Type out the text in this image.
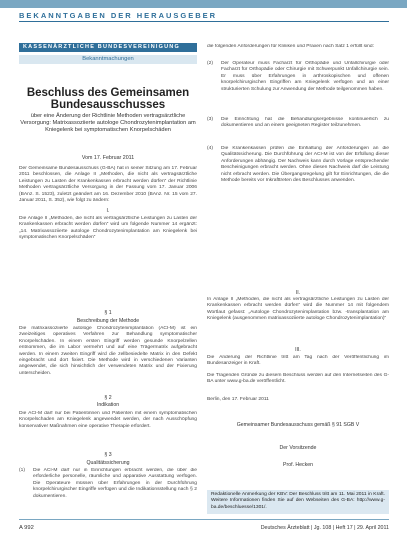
BEKANNTGABEN DER HERAUSGEBER
KASSENÄRZTLICHE BUNDESVEREINIGUNG
Bekanntmachungen
Beschluss des Gemeinsamen Bundesausschusses
über eine Änderung der Richtlinie Methoden vertragsärztliche Versorgung: Matrixassoziierte autologe Chondrozytenimplantation am Kniegelenk bei symptomatischen Knorpelschäden
Vom 17. Februar 2011
Der Gemeinsame Bundesausschuss (G-BA) hat in seiner Sitzung am 17. Februar 2011 beschlossen, die Anlage II „Methoden, die nicht als vertragsärztliche Leistungen zu Lasten der Krankenkassen erbracht werden dürfen“ der Richtlinie Methoden vertragsärztliche Versorgung in der Fassung vom 17. Januar 2006 (BAnz. S. 1523), zuletzt geändert am 16. Dezember 2010 (BAnz. Nr. 15 vom 27. Januar 2011, S. 352), wie folgt zu ändern:
I.
Die Anlage II „Methoden, die nicht als vertragsärztliche Leistungen zu Lasten der Krankenkassen erbracht werden dürfen“ wird um folgende Nummer 14 ergänzt: „14. Matrixassoziierte autologe Chondrozytenimplantation am Kniegelenk bei symptomatischen Knorpelschäden“
§ 1
Beschreibung der Methode
Die matrixassoziierte autologe Chondrozytenimplantation (ACI-M) ist ein zweizeitiges operatives Verfahren zur Behandlung symptomatischer Knorpelschäden. In einem ersten Eingriff werden gesunde Knorpelzellen entnommen, die im Labor vermehrt und auf eine Trägermatrix aufgebracht werden. In einem zweiten Eingriff wird die zellbesiedelte Matrix in den Defekt eingebracht und dort fixiert. Die Methode wird in verschiedenen Varianten angewendet, die sich hinsichtlich der verwendeten Matrix und der Fixierung unterscheiden.
§ 2
Indikation
Die ACI-M darf nur bei Patientinnen und Patienten mit einem symptomatischen Knorpelschaden am Kniegelenk angewendet werden, der nach Ausschöpfung konservativer Maßnahmen eine operative Therapie erfordert.
§ 3
Qualitätssicherung
(1) Die ACI-M darf nur in Einrichtungen erbracht werden, die über die erforderliche personelle, räumliche und apparative Ausstattung verfügen. Die Operateure müssen über Erfahrungen in der Durchführung knorpelchirurgischer Eingriffe verfügen und die Indikationsstellung nach § 2 dokumentieren.
die folgenden Anforderungen für Kliniken und Praxen nach Satz 1 erfüllt sind:
(2) Der Operateur muss Facharzt für Orthopädie und Unfallchirurgie oder Facharzt für Orthopädie oder Chirurgie mit Schwerpunkt Unfallchirurgie sein. Er muss über Erfahrungen in arthroskopischen und offenen knorpelchirurgischen Eingriffen am Kniegelenk verfügen und an einer strukturierten Schulung zur Anwendung der Methode teilgenommen haben.
(3) Die Einrichtung hat die Behandlungsergebnisse kontinuierlich zu dokumentieren und an einem geeigneten Register teilzunehmen.
(4) Die Krankenkassen prüfen die Einhaltung der Anforderungen an die Qualitätssicherung. Die Durchführung der ACI-M ist von der Erfüllung dieser Anforderungen abhängig. Der Nachweis kann durch Vorlage entsprechender Bescheinigungen erbracht werden. Ohne diesen Nachweis darf die Leistung nicht erbracht werden. Die Übergangsregelung gilt für Einrichtungen, die die Methode bereits vor Inkrafttreten des Beschlusses anwenden.
II.
In Anlage II „Methoden, die nicht als vertragsärztliche Leistungen zu Lasten der Krankenkassen erbracht werden dürfen“ wird die Nummer 14 mit folgendem Wortlaut gefasst: „Autologe Chondrozytenimplantation bzw. -transplantation am Kniegelenk (ausgenommen matrixassoziierte autologe Chondrozytenimplantation)“
III.
Die Änderung der Richtlinie tritt am Tag nach der Veröffentlichung im Bundesanzeiger in Kraft.
Die Tragenden Gründe zu diesem Beschluss werden auf den Internetseiten des G-BA unter www.g-ba.de veröffentlicht.
Berlin, den 17. Februar 2011
Gemeinsamer Bundesausschuss gemäß § 91 SGB V
Der Vorsitzende
Prof. Hecken
Redaktionelle Anmerkung der KBV: Der Beschluss tritt am 11. Mai 2011 in Kraft. Weitere Informationen finden Sie auf den Webseiten des G-BA: http://www.g-ba.de/beschluesse/1301/.
A 992	Deutsches Ärzteblatt | Jg. 108 | Heft 17 | 29. April 2011
